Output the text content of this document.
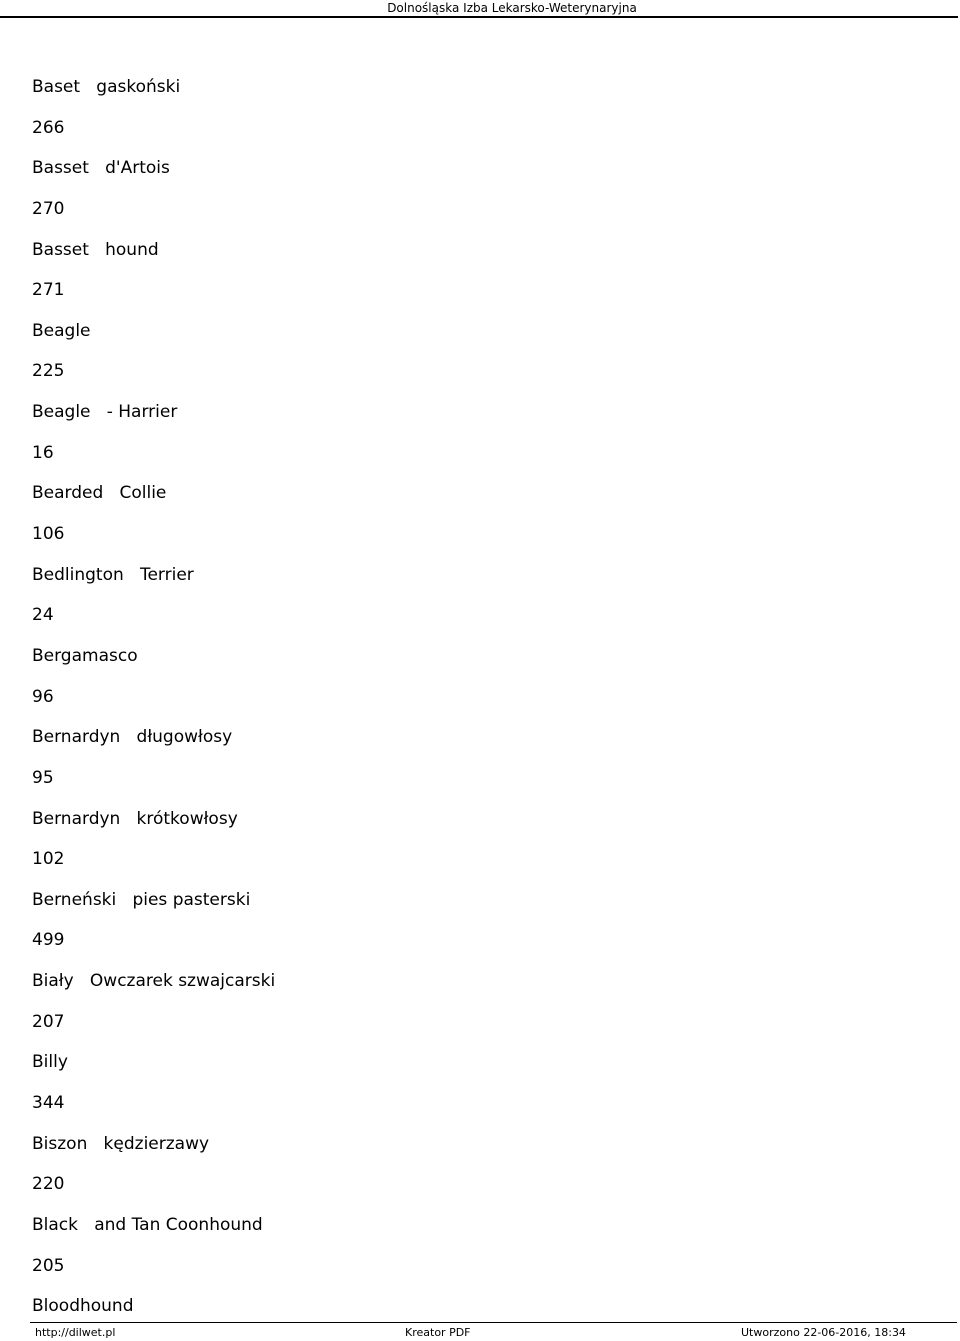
Dolnośląska Izba Lekarsko-Weterynaryjna
Baset   gaskoński
266
Basset   d'Artois
270
Basset   hound
271
Beagle
225
Beagle   - Harrier
16
Bearded   Collie
106
Bedlington   Terrier
24
Bergamasco
96
Bernardyn   długowłosy
95
Bernardyn   krótkowłosy
102
Berneński   pies pasterski
499
Biały   Owczarek szwajcarski
207
Billy
344
Biszon   kędzierzawy
220
Black   and Tan Coonhound
205
Bloodhound
http://dilwet.pl	Kreator PDF	Utworzono 22-06-2016, 18:34
